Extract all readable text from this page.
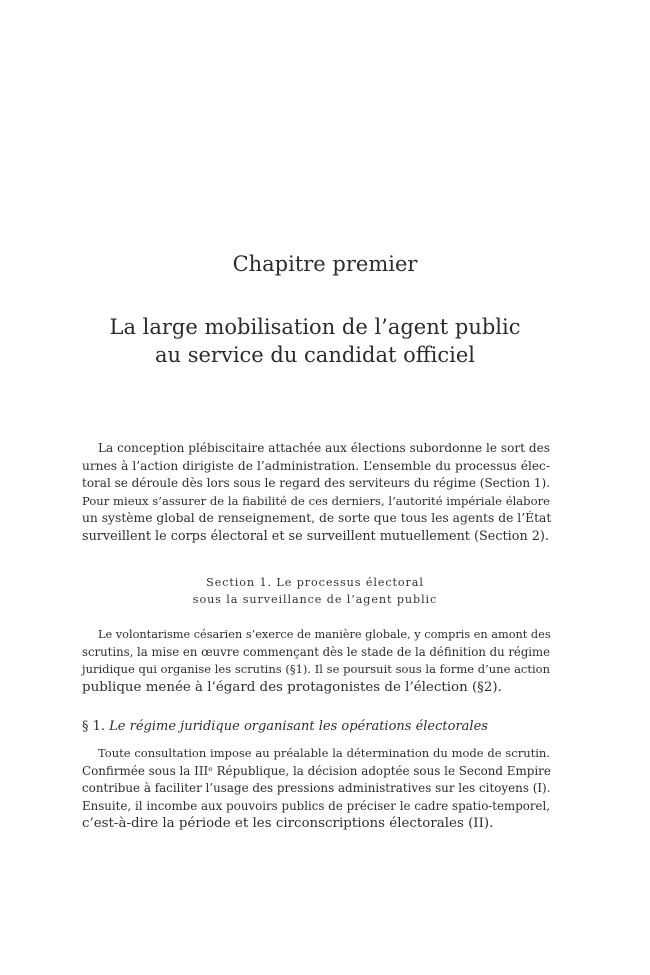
Chapitre premier
La large mobilisation de l’agent public
au service du candidat officiel
La conception plébiscitaire attachée aux élections subordonne le sort des
urnes à l’action dirigiste de l’administration. L’ensemble du processus élec-
toral se déroule dès lors sous le regard des serviteurs du régime (Section 1).
Pour mieux s’assurer de la fiabilité de ces derniers, l’autorité impériale élabore
un système global de renseignement, de sorte que tous les agents de l’État
surveillent le corps électoral et se surveillent mutuellement (Section 2).
Section 1. Le processus électoral
sous la surveillance de l’agent public
Le volontarisme césarien s’exerce de manière globale, y compris en amont des
scrutins, la mise en œuvre commençant dès le stade de la définition du régime
juridique qui organise les scrutins (§1). Il se poursuit sous la forme d’une action
publique menée à l’égard des protagonistes de l’élection (§2).
§ 1. Le régime juridique organisant les opérations électorales
Toute consultation impose au préalable la détermination du mode de scrutin.
Confirmée sous la IIIᵉ République, la décision adoptée sous le Second Empire
contribue à faciliter l’usage des pressions administratives sur les citoyens (I).
Ensuite, il incombe aux pouvoirs publics de préciser le cadre spatio-temporel,
c’est-à-dire la période et les circonscriptions électorales (II).
